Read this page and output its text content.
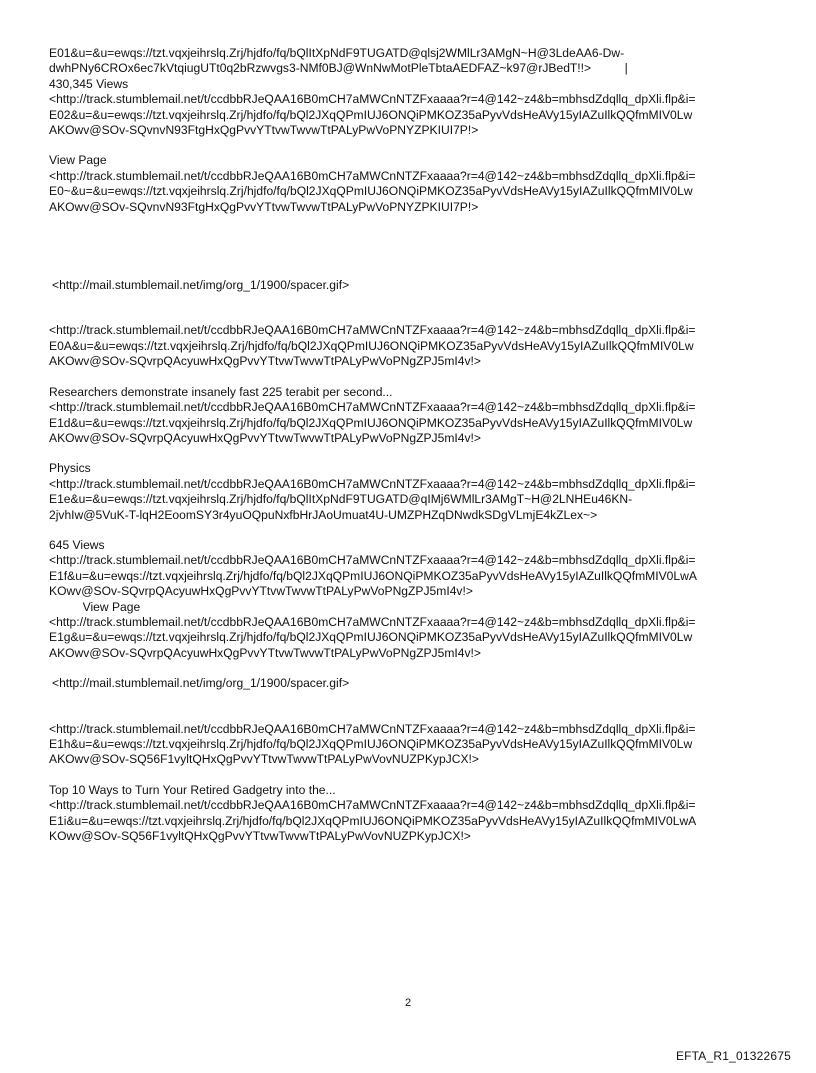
E01&u=&u=ewqs://tzt.vqxjeihrslq.Zrj/hjdfo/fq/bQlItXpNdF9TUGATD@qlsj2WMlLr3AMgN~H@3LdeAA6-Dw-
dwhPNy6CROx6ec7kVtqiugUTt0q2bRzwvgs3-NMf0BJ@WnNwMotPleTbtaAEDFAZ~k97@rJBedT!!>          |
430,345 Views
<http://track.stumblemail.net/t/ccdbbRJeQAA16B0mCH7aMWCnNTZFxaaaa?r=4@142~z4&b=mbhsdZdqllq_dpXli.flp&i=
E02&u=&u=ewqs://tzt.vqxjeihrslq.Zrj/hjdfo/fq/bQl2JXqQPmIUJ6ONQiPMKOZ35aPyvVdsHeAVy15yIAZuIlkQQfmMIV0Lw
AKOwv@SOv-SQvnvN93FtgHxQgPvvYTtvwTwvwTtPALyPwVoPNYZPKIUI7P!>

View Page
<http://track.stumblemail.net/t/ccdbbRJeQAA16B0mCH7aMWCnNTZFxaaaa?r=4@142~z4&b=mbhsdZdqllq_dpXli.flp&i=
E0~&u=&u=ewqs://tzt.vqxjeihrslq.Zrj/hjdfo/fq/bQl2JXqQPmIUJ6ONQiPMKOZ35aPyvVdsHeAVy15yIAZuIlkQQfmMIV0Lw
AKOwv@SOv-SQvnvN93FtgHxQgPvvYTtvwTwvwTtPALyPwVoPNYZPKIUI7P!>

<http://mail.stumblemail.net/img/org_1/1900/spacer.gif>

<http://track.stumblemail.net/t/ccdbbRJeQAA16B0mCH7aMWCnNTZFxaaaa?r=4@142~z4&b=mbhsdZdqllq_dpXli.flp&i=
E0A&u=&u=ewqs://tzt.vqxjeihrslq.Zrj/hjdfo/fq/bQl2JXqQPmIUJ6ONQiPMKOZ35aPyvVdsHeAVy15yIAZuIlkQQfmMIV0Lw
AKOwv@SOv-SQvrpQAcyuwHxQgPvvYTtvwTwvwTtPALyPwVoPNgZPJ5mI4v!>

Researchers demonstrate insanely fast 225 terabit per second...
<http://track.stumblemail.net/t/ccdbbRJeQAA16B0mCH7aMWCnNTZFxaaaa?r=4@142~z4&b=mbhsdZdqllq_dpXli.flp&i=
E1d&u=&u=ewqs://tzt.vqxjeihrslq.Zrj/hjdfo/fq/bQl2JXqQPmIUJ6ONQiPMKOZ35aPyvVdsHeAVy15yIAZuIlkQQfmMIV0Lw
AKOwv@SOv-SQvrpQAcyuwHxQgPvvYTtvwTwvwTtPALyPwVoPNgZPJ5mI4v!>

Physics
<http://track.stumblemail.net/t/ccdbbRJeQAA16B0mCH7aMWCnNTZFxaaaa?r=4@142~z4&b=mbhsdZdqllq_dpXli.flp&i=
E1e&u=&u=ewqs://tzt.vqxjeihrslq.Zrj/hjdfo/fq/bQlItXpNdF9TUGATD@qIMj6WMlLr3AMgT~H@2LNHEu46KN-
2jvhIw@5VuK-T-lqH2EoomSY3r4yuOQpuNxfbHrJAoUmuat4U-UMZPHZqDNwdkSDgVLmjE4kZLex~>

645 Views
<http://track.stumblemail.net/t/ccdbbRJeQAA16B0mCH7aMWCnNTZFxaaaa?r=4@142~z4&b=mbhsdZdqllq_dpXli.flp&i=
E1f&u=&u=ewqs://tzt.vqxjeihrslq.Zrj/hjdfo/fq/bQl2JXqQPmIUJ6ONQiPMKOZ35aPyvVdsHeAVy15yIAZuIlkQQfmMIV0LwA
KOwv@SOv-SQvrpQAcyuwHxQgPvvYTtvwTwvwTtPALyPwVoPNgZPJ5mI4v!>
View Page
<http://track.stumblemail.net/t/ccdbbRJeQAA16B0mCH7aMWCnNTZFxaaaa?r=4@142~z4&b=mbhsdZdqllq_dpXli.flp&i=
E1g&u=&u=ewqs://tzt.vqxjeihrslq.Zrj/hjdfo/fq/bQl2JXqQPmIUJ6ONQiPMKOZ35aPyvVdsHeAVy15yIAZuIlkQQfmMIV0Lw
AKOwv@SOv-SQvrpQAcyuwHxQgPvvYTtvwTwvwTtPALyPwVoPNgZPJ5mI4v!>

<http://mail.stumblemail.net/img/org_1/1900/spacer.gif>

<http://track.stumblemail.net/t/ccdbbRJeQAA16B0mCH7aMWCnNTZFxaaaa?r=4@142~z4&b=mbhsdZdqllq_dpXli.flp&i=
E1h&u=&u=ewqs://tzt.vqxjeihrslq.Zrj/hjdfo/fq/bQl2JXqQPmIUJ6ONQiPMKOZ35aPyvVdsHeAVy15yIAZuIlkQQfmMIV0Lw
AKOwv@SOv-SQ56F1vyltQHxQgPvvYTtvwTwvwTtPALyPwVovNUZPKypJCX!>

Top 10 Ways to Turn Your Retired Gadgetry into the...
<http://track.stumblemail.net/t/ccdbbRJeQAA16B0mCH7aMWCnNTZFxaaaa?r=4@142~z4&b=mbhsdZdqllq_dpXli.flp&i=
E1i&u=&u=ewqs://tzt.vqxjeihrslq.Zrj/hjdfo/fq/bQl2JXqQPmIUJ6ONQiPMKOZ35aPyvVdsHeAVy15yIAZuIlkQQfmMIV0LwA
KOwv@SOv-SQ56F1vyltQHxQgPvvYTtvwTwvwTtPALyPwVovNUZPKypJCX!>

2
EFTA_R1_01322675
